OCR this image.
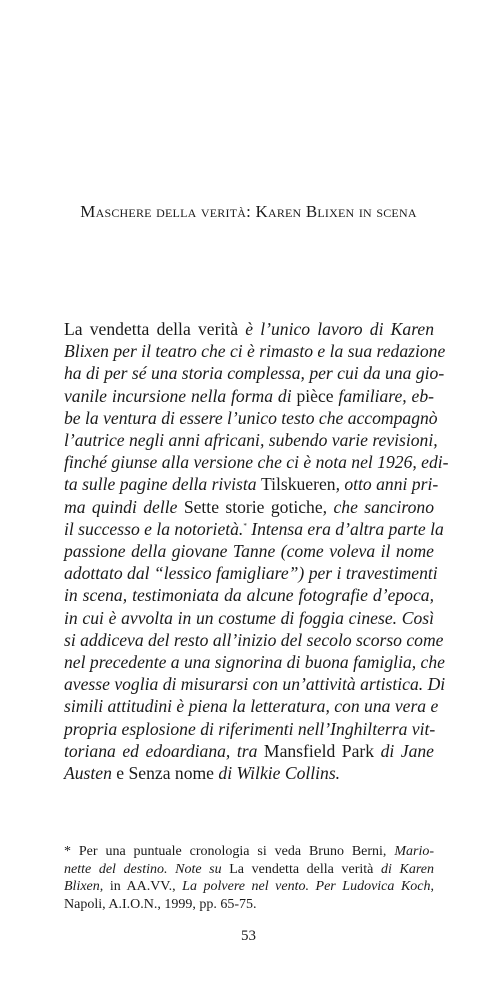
Maschere della verità: Karen Blixen in scena
La vendetta della verità è l’unico lavoro di Karen
Blixen per il teatro che ci è rimasto e la sua redazione
ha di per sé una storia complessa, per cui da una gio-
vanile incursione nella forma di pièce familiare, eb-
be la ventura di essere l’unico testo che accompagnò
l’autrice negli anni africani, subendo varie revisioni,
finché giunse alla versione che ci è nota nel 1926, edi-
ta sulle pagine della rivista Tilskueren, otto anni pri-
ma quindi delle Sette storie gotiche, che sancirono
il successo e la notorietà.* Intensa era d’altra parte la
passione della giovane Tanne (come voleva il nome
adottato dal “lessico famigliare”) per i travestimenti
in scena, testimoniata da alcune fotografie d’epoca,
in cui è avvolta in un costume di foggia cinese. Così
si addiceva del resto all’inizio del secolo scorso come
nel precedente a una signorina di buona famiglia, che
avesse voglia di misurarsi con un’attività artistica. Di
simili attitudini è piena la letteratura, con una vera e
propria esplosione di riferimenti nell’Inghilterra vit-
toriana ed edoardiana, tra Mansfield Park di Jane
Austen e Senza nome di Wilkie Collins.
* Per una puntuale cronologia si veda Bruno Berni, Mario-
nette del destino. Note su La vendetta della verità di Karen
Blixen, in AA.VV., La polvere nel vento. Per Ludovica Koch,
Napoli, A.I.O.N., 1999, pp. 65-75.
53
